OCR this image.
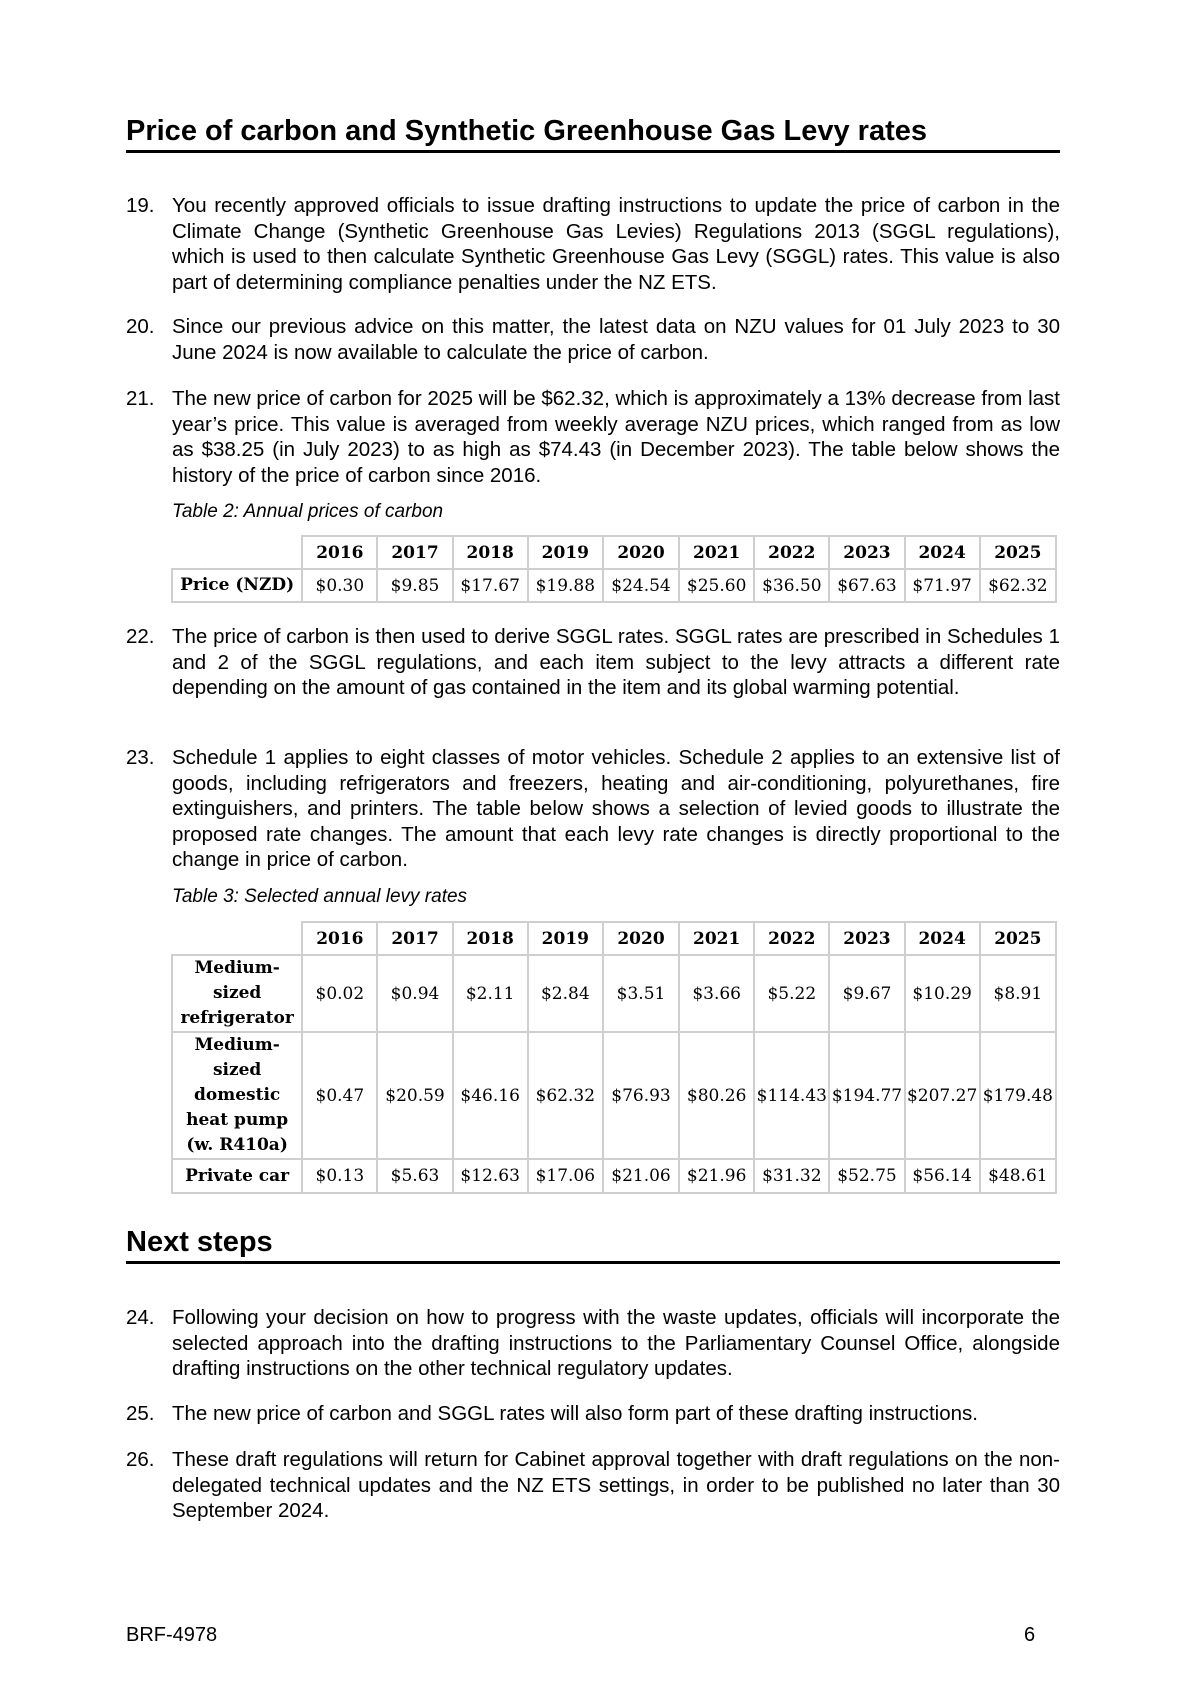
Price of carbon and Synthetic Greenhouse Gas Levy rates
19. You recently approved officials to issue drafting instructions to update the price of carbon in the Climate Change (Synthetic Greenhouse Gas Levies) Regulations 2013 (SGGL regulations), which is used to then calculate Synthetic Greenhouse Gas Levy (SGGL) rates. This value is also part of determining compliance penalties under the NZ ETS.
20. Since our previous advice on this matter, the latest data on NZU values for 01 July 2023 to 30 June 2024 is now available to calculate the price of carbon.
21. The new price of carbon for 2025 will be $62.32, which is approximately a 13% decrease from last year’s price. This value is averaged from weekly average NZU prices, which ranged from as low as $38.25 (in July 2023) to as high as $74.43 (in December 2023). The table below shows the history of the price of carbon since 2016.
Table 2: Annual prices of carbon
	2016	2017	2018	2019	2020	2021	2022	2023	2024	2025
Price (NZD)	$0.30	$9.85	$17.67	$19.88	$24.54	$25.60	$36.50	$67.63	$71.97	$62.32
22. The price of carbon is then used to derive SGGL rates. SGGL rates are prescribed in Schedules 1 and 2 of the SGGL regulations, and each item subject to the levy attracts a different rate depending on the amount of gas contained in the item and its global warming potential.
23. Schedule 1 applies to eight classes of motor vehicles. Schedule 2 applies to an extensive list of goods, including refrigerators and freezers, heating and air-conditioning, polyurethanes, fire extinguishers, and printers. The table below shows a selection of levied goods to illustrate the proposed rate changes. The amount that each levy rate changes is directly proportional to the change in price of carbon.
Table 3: Selected annual levy rates
	2016	2017	2018	2019	2020	2021	2022	2023	2024	2025
Medium-sized refrigerator	$0.02	$0.94	$2.11	$2.84	$3.51	$3.66	$5.22	$9.67	$10.29	$8.91
Medium-sized domestic heat pump (w. R410a)	$0.47	$20.59	$46.16	$62.32	$76.93	$80.26	$114.43	$194.77	$207.27	$179.48
Private car	$0.13	$5.63	$12.63	$17.06	$21.06	$21.96	$31.32	$52.75	$56.14	$48.61
Next steps
24. Following your decision on how to progress with the waste updates, officials will incorporate the selected approach into the drafting instructions to the Parliamentary Counsel Office, alongside drafting instructions on the other technical regulatory updates.
25. The new price of carbon and SGGL rates will also form part of these drafting instructions.
26. These draft regulations will return for Cabinet approval together with draft regulations on the non-delegated technical updates and the NZ ETS settings, in order to be published no later than 30 September 2024.
BRF-4978	6
